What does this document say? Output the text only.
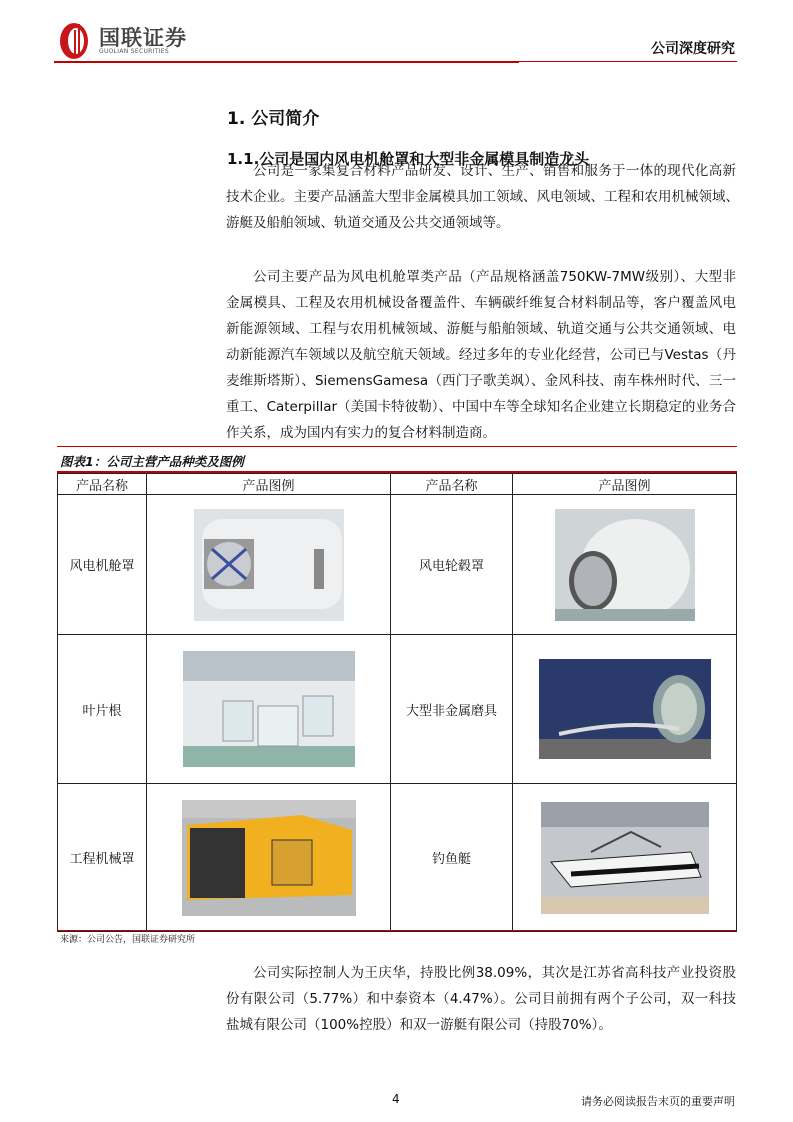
国联证券
GUOLIAN SECURITIES	公司深度研究
1. 公司简介
1.1.公司是国内风电机舱罩和大型非金属模具制造龙头
公司是一家集复合材料产品研发、设计、生产、销售和服务于一体的现代化高新
技术企业。主要产品涵盖大型非金属模具加工领域、风电领域、工程和农用机械领域、
游艇及船舶领域、轨道交通及公共交通领域等。
公司主要产品为风电机舱罩类产品（产品规格涵盖750KW-7MW级别）、大型非
金属模具、工程及农用机械设备覆盖件、车辆碳纤维复合材料制品等，客户覆盖风电
新能源领域、工程与农用机械领域、游艇与船舶领域、轨道交通与公共交通领域、电
动新能源汽车领域以及航空航天领域。经过多年的专业化经营，公司已与Vestas（丹
麦维斯塔斯）、SiemensGamesa（西门子歌美飒）、金风科技、南车株州时代、三一
重工、Caterpillar（美国卡特彼勒）、中国中车等全球知名企业建立长期稳定的业务合
作关系，成为国内有实力的复合材料制造商。
图表1：公司主营产品种类及图例
产品名称	产品图例	产品名称	产品图例
风电机舱罩		风电轮毂罩	

叶片根		大型非金属磨具	

工程机械罩		钓鱼艇	
来源：公司公告，国联证券研究所
公司实际控制人为王庆华，持股比例38.09%，其次是江苏省高科技产业投资股
份有限公司（5.77%）和中泰资本（4.47%）。公司目前拥有两个子公司，双一科技
盐城有限公司（100%控股）和双一游艇有限公司（持股70%）。
4	请务必阅读报告末页的重要声明
